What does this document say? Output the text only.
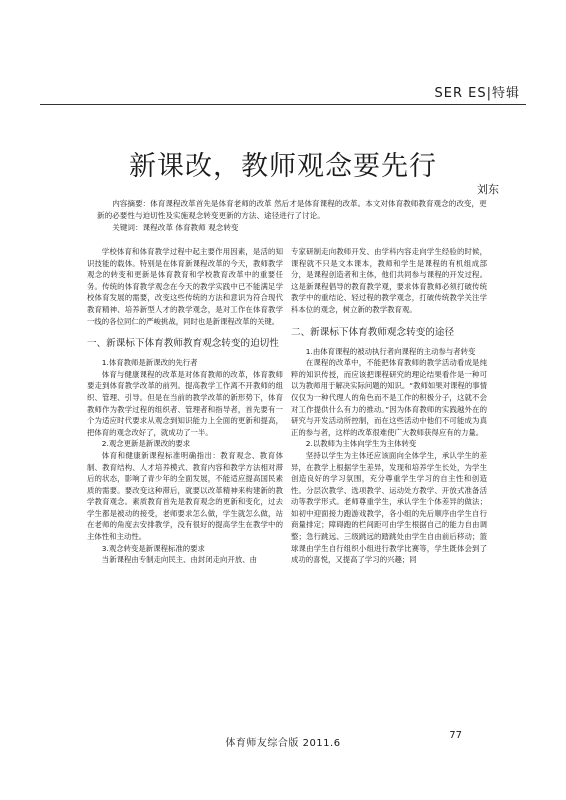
SER ES|特辑
新课改，教师观念要先行
刘东

内容摘要：体育课程改革首先是体育老师的改革 然后才是体育课程的改革。本文对体育教师教育观念的改变，更新的必要性与迫切性及实施观念转变更新的方法、途径进行了讨论。

关键词：课程改革 体育教师 观念转变

学校体育和体育教学过程中起主要作用因素，是活的知识技能的载体。特别是在体育新课程改革的今天，教师教学观念的转变和更新是体育教育和学校教育改革中的重要任务。传统的体育教学观念在今天的教学实践中已不能满足学校体育发展的需要，改变这些传统的方法和意识为符合现代教育精神、培养新型人才的教学观念，是对工作在体育教学一线的各位同仁的严峻挑战，同时也是新课程改革的关键。

一、新课标下体育教师教育观念转变的迫切性
1.体育教师是新课改的先行者

体育与健康课程的改革是对体育教师的改革，体育教师要走到体育教学改革的前列。提高教学工作离不开教师的组织、管理、引导。但是在当前的教学改革的新形势下，体育教师作为教学过程的组织者、管理者和指导者，首先要有一个为适应时代要求从观念到知识能力上全面的更新和提高，把体育的观念改好了，就成功了一半。

2.观念更新是新课改的要求

体育和健康新课程标准明确指出：教育观念、教育体制、教育结构、人才培养模式、教育内容和教学方法相对滞后的状态，影响了青少年的全面发展，不能适应提高国民素质的需要。要改变这种滞后，就要以改革精神来构建新的教学教育观念。素质教育首先是教育观念的更新和变化，过去学生都是被动的接受，老师要求怎么做，学生就怎么做，站在老师的角度去安排教学，没有很好的提高学生在教学中的主体性和主动性。

3.观念转变是新课程标准的要求

当新课程由专制走向民主、由封闭走向开放、由

专家研制走向教师开发、由学科内容走向学生经验的时候，课程就不只是文本课本，教师和学生是课程的有机组成部分，是课程创造者和主体，他们共同参与课程的开发过程。这是新课程倡导的教育教学观，要求体育教师必须打破传统教学中的重结论、轻过程的教学观念，打破传统教学关注学科本位的观念，树立新的教学教育观。

二、新课标下体育教师观念转变的途径
1.由体育课程的被动执行者向课程的主动参与者转变

在课程的改革中，不能把体育教师的教学活动看成是纯粹的知识传授，而应该把课程研究的理论结果看作是一种可以为教师用于解决实际问题的知识。“教师如果对课程的事情仅仅为一种代理人的角色而不是工作的积极分子，这就不会对工作提供什么有力的推动。”因为体育教师的实践越外在的研究与开发活动所控制，而在这些活动中他们不可能成为真正的参与者，这样的改革很难使广大教师获得应有的力量。

2.以教师为主体向学生为主体转变

坚持以学生为主体还应该面向全体学生，承认学生的差异，在教学上根据学生差异，发现和培养学生长处，为学生创造良好的学习氛围，充分尊重学生学习的自主性和创造性。分层次教学、选项教学、运动处方教学、开放式准备活动等教学形式。老师尊重学生，承认学生个体差异的做法；如初中迎面接力跑游戏教学，各小组的先后顺序由学生自行商量排定；障碍跑的栏间距可由学生根据自己的能力自由调整；急行跳远、三级跳远的踏跳处由学生自由前后移动；篮球课由学生自行组织小组进行教学比赛等，学生既体会到了成功的喜悦，又提高了学习的兴趣；同

体育师友综合版 2011.6
77
